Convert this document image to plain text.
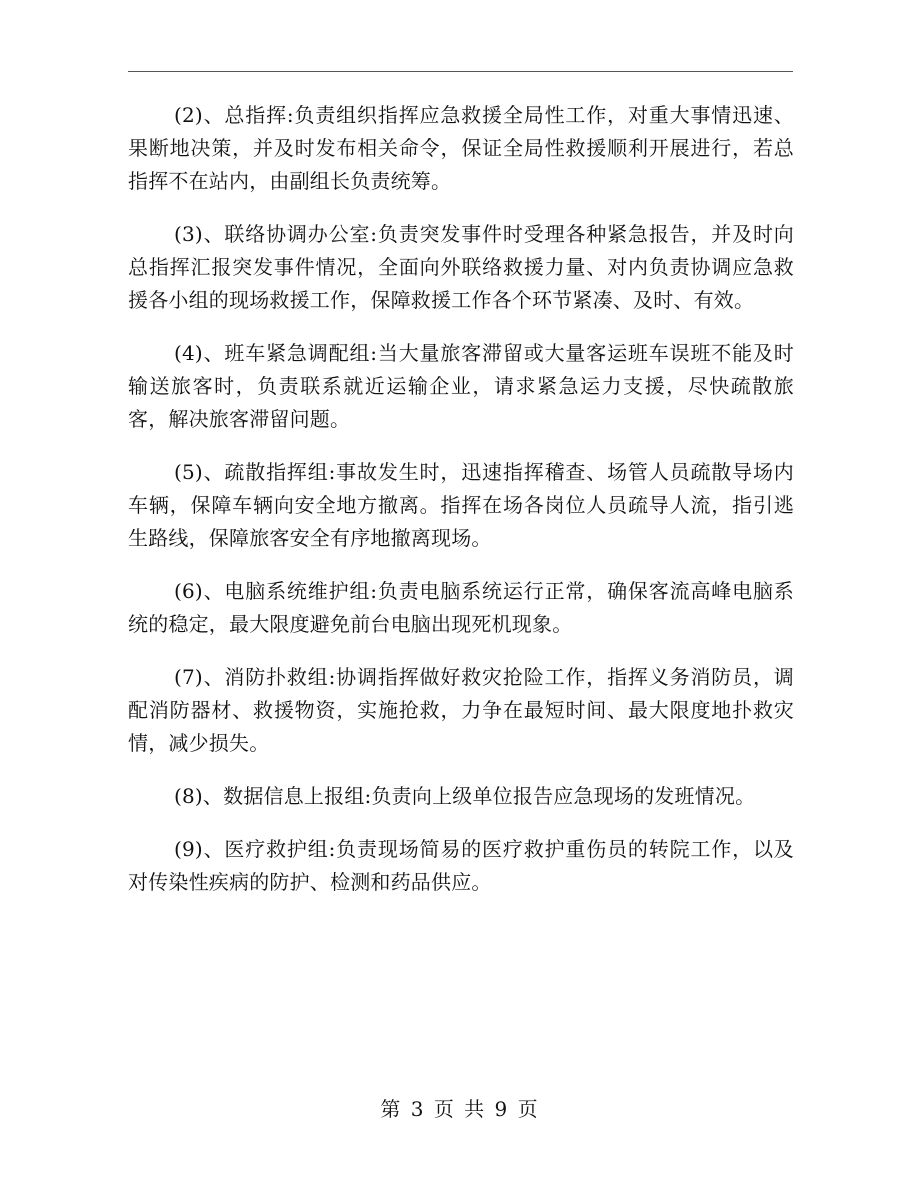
(2)、总指挥:负责组织指挥应急救援全局性工作，对重大事情迅速、果断地决策，并及时发布相关命令，保证全局性救援顺利开展进行，若总指挥不在站内，由副组长负责统筹。

(3)、联络协调办公室:负责突发事件时受理各种紧急报告，并及时向总指挥汇报突发事件情况，全面向外联络救援力量、对内负责协调应急救援各小组的现场救援工作，保障救援工作各个环节紧凑、及时、有效。

(4)、班车紧急调配组:当大量旅客滞留或大量客运班车误班不能及时输送旅客时，负责联系就近运输企业，请求紧急运力支援，尽快疏散旅客，解决旅客滞留问题。

(5)、疏散指挥组:事故发生时，迅速指挥稽查、场管人员疏散导场内车辆，保障车辆向安全地方撤离。指挥在场各岗位人员疏导人流，指引逃生路线，保障旅客安全有序地撤离现场。

(6)、电脑系统维护组:负责电脑系统运行正常，确保客流高峰电脑系统的稳定，最大限度避免前台电脑出现死机现象。

(7)、消防扑救组:协调指挥做好救灾抢险工作，指挥义务消防员，调配消防器材、救援物资，实施抢救，力争在最短时间、最大限度地扑救灾情，减少损失。

(8)、数据信息上报组:负责向上级单位报告应急现场的发班情况。

(9)、医疗救护组:负责现场简易的医疗救护重伤员的转院工作，以及对传染性疾病的防护、检测和药品供应。

第 3 页 共 9 页
